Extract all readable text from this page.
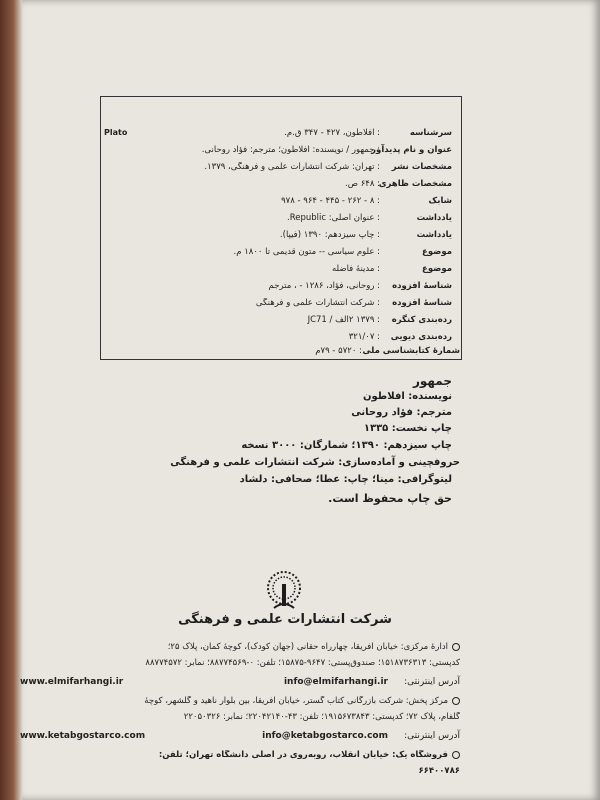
Plato	سرشناسه
: افلاطون، ۴۲۷ - ۳۴۷ ق.م.
عنوان و نام پدیدآور
: جمهور / نویسنده: افلاطون؛ مترجم: فؤاد روحانی.
مشخصات نشر
: تهران: شرکت انتشارات علمی و فرهنگی، ۱۳۷۹.
مشخصات ظاهری
: ۶۴۸ ص.
شابک
: ۸ - ۲۶۲ - ۴۴۵ - ۹۶۴ - ۹۷۸
یادداشت
: عنوان اصلی: Republic.
یادداشت
: چاپ سیزدهم: ۱۳۹۰ (فیپا).
موضوع
: علوم سیاسی -- متون قدیمی تا ۱۸۰۰ م.
موضوع
: مدینهٔ فاضله
شناسهٔ افزوده
: روحانی، فؤاد، ۱۲۸۶ - ، مترجم
شناسهٔ افزوده
: شرکت انتشارات علمی و فرهنگی
رده‌بندی کنگره
: ۱۳۷۹ ۲الف / JC71
رده‌بندی دیویی
: ۳۲۱/۰۷
شمارهٔ کتابشناسی ملی
: ۵۷۲۰ - ۷۹م
جمهور
نویسنده: افلاطون
مترجم: فؤاد روحانی
چاپ نخست: ۱۳۳۵
چاپ سیزدهم: ۱۳۹۰؛ شمارگان: ۳۰۰۰ نسخه
حروفچینی و آماده‌سازی: شرکت انتشارات علمی و فرهنگی
لیتوگرافی: مینا؛ چاپ: عطا؛ صحافی: دلشاد
حق چاپ محفوظ است.
شرکت انتشارات علمی و فرهنگی
ادارهٔ مرکزی: خیابان افریقا، چهارراه حقانی (جهان کودک)، کوچهٔ کمان، پلاک ۲۵؛
کدپستی: ۱۵۱۸۷۳۶۳۱۳؛ صندوق‌پستی: ۹۶۴۷-۱۵۸۷۵؛ تلفن: ۰-۸۸۷۷۴۵۶۹؛ نمابر: ۸۸۷۷۴۵۷۲
آدرس اینترنتی:
info@elmifarhangi.ir
www.elmifarhangi.ir
مرکز پخش: شرکت بازرگانی کتاب گستر، خیابان افریقا، بین بلوار ناهید و گلشهر، کوچهٔ
گلفام، پلاک ۷۲؛ کدپستی: ۱۹۱۵۶۷۳۸۴۳؛ تلفن: ۴۳-۲۲۰۴۲۱۴۰؛ نمابر: ۲۲۰۵۰۳۲۶
آدرس اینترنتی:
info@ketabgostarco.com
www.ketabgostarco.com
فروشگاه یک: خیابان انقلاب، روبه‌روی در اصلی دانشگاه تهران؛ تلفن:
۶۶۴۰۰۷۸۶
